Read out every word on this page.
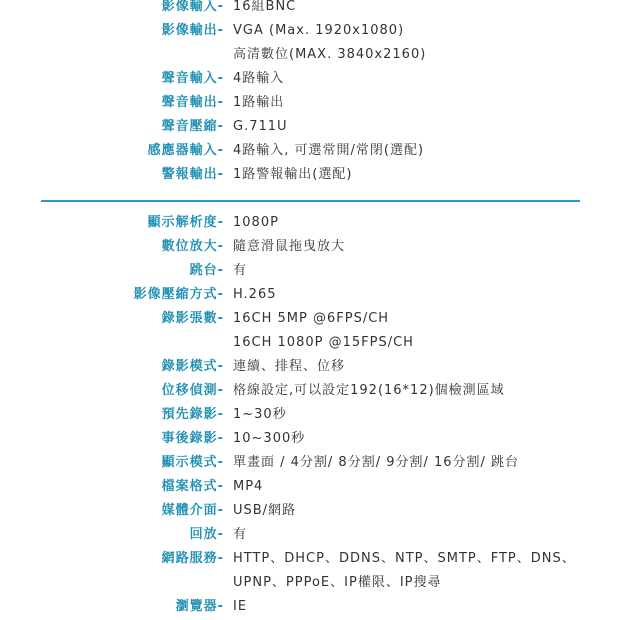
影像輸入- 16組BNC
影像輸出- VGA (Max. 1920x1080)
高清數位(MAX. 3840x2160)
聲音輸入- 4路輸入
聲音輸出- 1路輸出
聲音壓縮- G.711U
感應器輸入- 4路輸入, 可選常開/常閉(選配)
警報輸出- 1路警報輸出(選配)
顯示解析度- 1080P
數位放大- 隨意滑鼠拖曳放大
跳台- 有
影像壓縮方式- H.265
錄影張數- 16CH 5MP @6FPS/CH
16CH 1080P @15FPS/CH
錄影模式- 連續、排程、位移
位移偵測- 格線設定,可以設定192(16*12)個檢測區域
預先錄影- 1~30秒
事後錄影- 10~300秒
顯示模式- 單畫面 / 4分割/ 8分割/ 9分割/ 16分割/ 跳台
檔案格式- MP4
媒體介面- USB/網路
回放- 有
網路服務- HTTP、DHCP、DDNS、NTP、SMTP、FTP、DNS、
UPNP、PPPoE、IP權限、IP搜尋
瀏覽器- IE
